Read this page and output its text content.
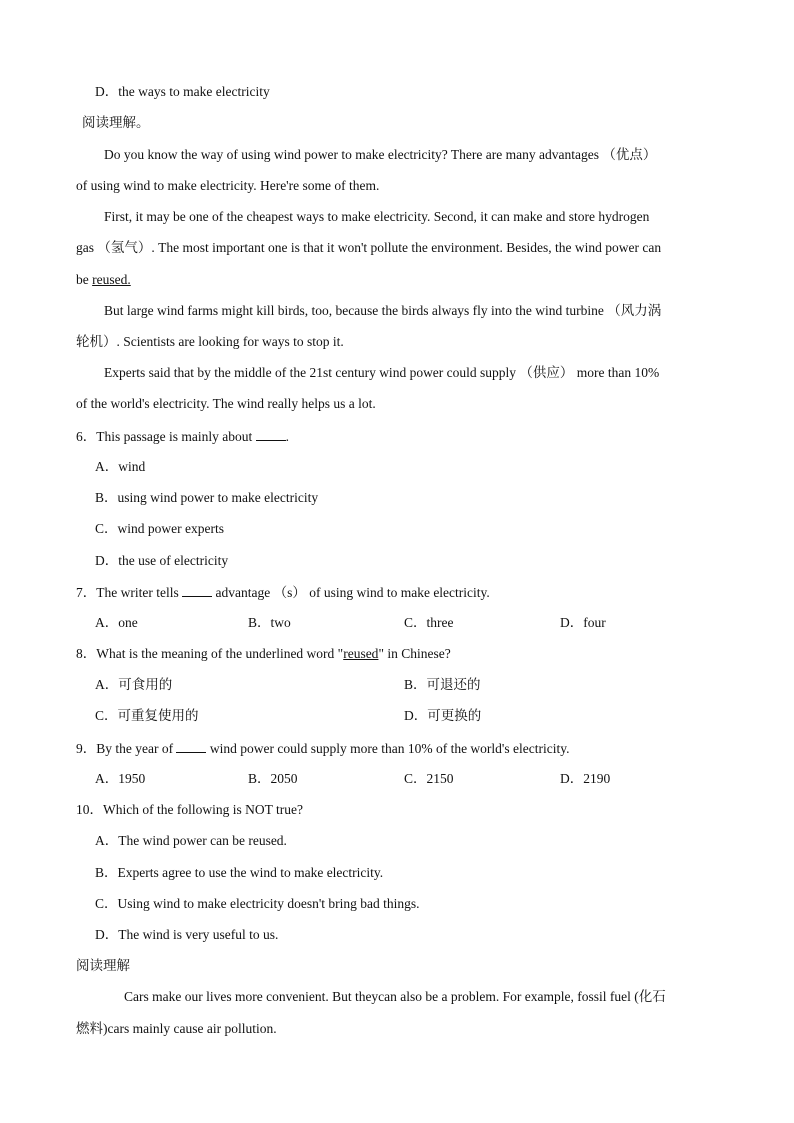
D．the ways to make electricity
阅读理解。
Do you know the way of using wind power to make electricity? There are many advantages （优点）
of using wind to make electricity. Here're some of them.
First, it may be one of the cheapest ways to make electricity. Second, it can make and store hydrogen
gas （氢气）. The most important one is that it won't pollute the environment. Besides, the wind power can
be reused.
But large wind farms might kill birds, too, because the birds always fly into the wind turbine （风力涡
轮机）. Scientists are looking for ways to stop it.
Experts said that by the middle of the 21st century wind power could supply （供应） more than 10%
of the world's electricity. The wind really helps us a lot.
6．This passage is mainly about .
A．wind
B．using wind power to make electricity
C．wind power experts
D．the use of electricity
7．The writer tells  advantage （s） of using wind to make electricity.
A．one	B．two	C．three	D．four
8．What is the meaning of the underlined word "reused" in Chinese?
A．可食用的	B．可退还的
C．可重复使用的	D．可更换的
9．By the year of  wind power could supply more than 10% of the world's electricity.
A．1950	B．2050	C．2150	D．2190
10．Which of the following is NOT true?
A．The wind power can be reused.
B．Experts agree to use the wind to make electricity.
C．Using wind to make electricity doesn't bring bad things.
D．The wind is very useful to us.
阅读理解
Cars make our lives more convenient. But theycan also be a problem. For example, fossil fuel (化石
燃料)cars mainly cause air pollution.
